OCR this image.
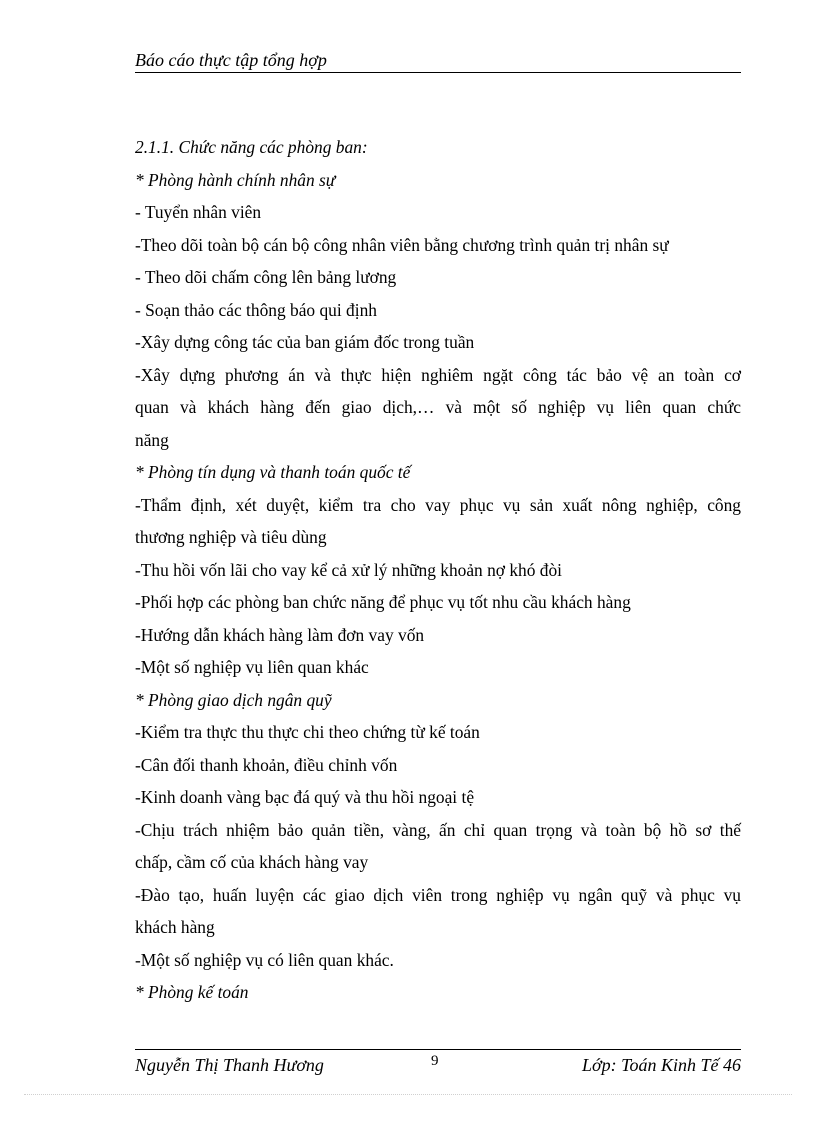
Báo cáo thực tập tổng hợp
2.1.1. Chức năng các phòng ban:
* Phòng hành chính nhân sự
- Tuyển nhân viên
-Theo dõi toàn bộ cán bộ công nhân viên bằng chương trình quản trị nhân sự
- Theo dõi chấm công lên bảng lương
- Soạn thảo các thông báo qui định
-Xây dựng công tác của ban giám đốc trong tuần
-Xây dựng phương án và thực hiện nghiêm ngặt công tác bảo vệ an toàn cơ
quan và khách hàng đến giao dịch,… và một số nghiệp vụ liên quan chức
năng
* Phòng tín dụng và thanh toán quốc tế
-Thẩm định, xét duyệt, kiểm tra cho vay phục vụ sản xuất nông nghiệp, công
thương nghiệp và tiêu dùng
-Thu hồi vốn lãi cho vay kể cả xử lý những khoản nợ khó đòi
-Phối hợp các phòng ban chức năng để phục vụ tốt nhu cầu khách hàng
-Hướng dẫn khách hàng làm đơn vay vốn
-Một số nghiệp vụ liên quan khác
* Phòng giao dịch ngân quỹ
-Kiểm tra thực thu thực chi theo chứng từ kế toán
-Cân đối thanh khoản, điều chỉnh vốn
-Kinh doanh vàng bạc đá quý và thu hồi ngoại tệ
-Chịu trách nhiệm bảo quản tiền, vàng, ấn chỉ quan trọng và toàn bộ hồ sơ thế
chấp, cầm cố của khách hàng vay
-Đào tạo, huấn luyện các giao dịch viên trong nghiệp vụ ngân quỹ và phục vụ
khách hàng
-Một số nghiệp vụ có liên quan khác.
* Phòng kế toán
Nguyễn Thị Thanh Hương	9	Lớp: Toán Kinh Tế 46
